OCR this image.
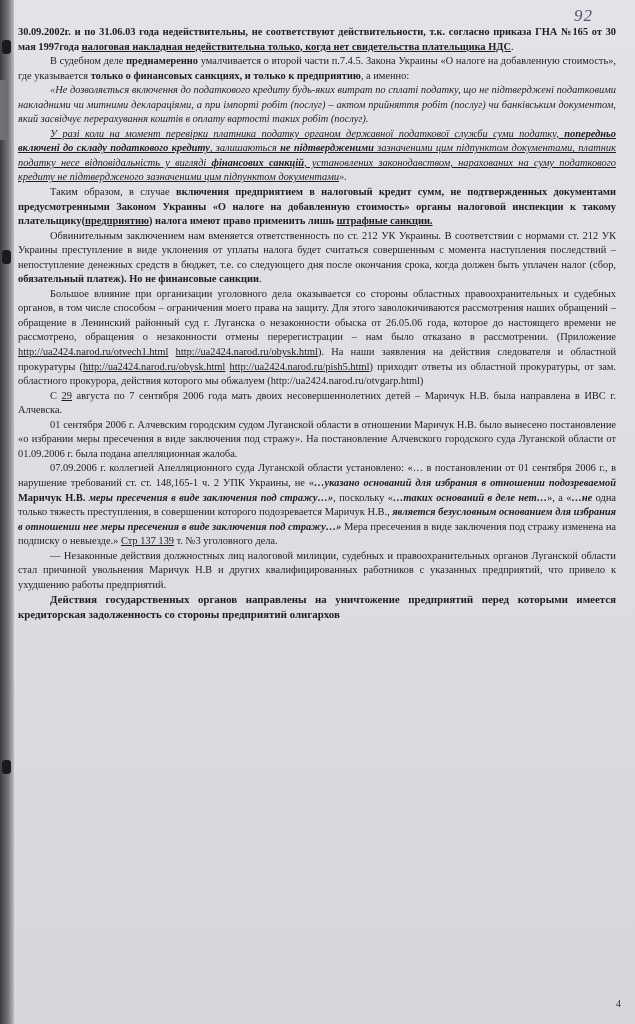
92

30.09.2002г. и по 31.06.03 года недействительны, не соответствуют действительности, т.к. согласно приказа ГНА №165 от 30 мая 1997года налоговая накладная недействительна только, когда нет свидетельства плательщика НДС.

В судебном деле преднамеренно умалчивается о второй части п.7.4.5. Закона Украины «О налоге на добавленную стоимость», где указывается только о финансовых санкциях, и только к предприятию, а именно:

«Не дозволяється включення до податкового кредиту будь-яких витрат по сплаті податку, що не підтверджені податковими накладними чи митними деклараціями, а при імпорті робіт (послуг) – актом прийняття робіт (послуг) чи банківським документом, який засвідчує перерахування коштів в оплату вартості таких робіт (послуг).

У разі коли на момент перевірки платника податку органом державної податкової служби суми податку, попередньо включені до складу податкового кредиту, залишаються не підтвердженими зазначеними цим підпунктом документами, платник податку несе відповідальність у вигляді фінансових санкцій, установлених законодавством, нарахованих на суму податкового кредиту не підтвердженого зазначеними цим підпунктом документами».

Таким образом, в случае включения предприятием в налоговый кредит сумм, не подтвержденных документами предусмотренными Законом Украины «О налоге на добавленную стоимость» органы налоговой инспекции к такому плательщику(предприятию) налога имеют право применить лишь штрафные санкции.

Обвинительным заключением нам вменяется ответственность по ст. 212 УК Украины. В соответствии с нормами ст. 212 УК Украины преступление в виде уклонения от уплаты налога будет считаться совершенным с момента наступления последствий – непоступление денежных средств в бюджет, т.е. со следующего дня после окончания срока, когда должен быть уплачен налог (сбор, обязательный платеж). Но не финансовые санкции.

Большое влияние при организации уголовного дела оказывается со стороны областных правоохранительных и судебных органов, в том числе способом – ограничения моего права на защиту. Для этого заволокичиваются рассмотрения наших обращений – обращение в Ленинский районный суд г. Луганска о незаконности обыска от 26.05.06 года, которое до настоящего времени не рассмотрено, обращения о незаконности отмены перерегистрации – нам было отказано в рассмотрении. (Приложение http://ua2424.narod.ru/otvech1.html http://ua2424.narod.ru/obysk.html). На наши заявления на действия следователя и областной прокуратуры (http://ua2424.narod.ru/obysk.html http://ua2424.narod.ru/pish5.html) приходят ответы из областной прокуратуры, от зам. областного прокурора, действия которого мы обжалуем (http://ua2424.narod.ru/otvgarp.html)

С 29 августа по 7 сентября 2006 года мать двоих несовершеннолетних детей – Маричук Н.В. была направлена в ИВС г. Алчевска.

01 сентября 2006 г. Алчевским городским судом Луганской области в отношении Маричук Н.В. было вынесено постановление «о избрании меры пресечения в виде заключения под стражу». На постановление Алчевского городского суда Луганской области от 01.09.2006 г. была подана апелляционная жалоба.

07.09.2006 г. коллегией Апелляционного суда Луганской области установлено: «… в постановлении от 01 сентября 2006 г., в нарушение требований ст. ст. 148,165-1 ч. 2 УПК Украины, не «…указано оснований для избрания в отношении подозреваемой Маричук Н.В. меры пресечения в виде заключения под стражу…», поскольку «…таких оснований в деле нет…», а «…не одна только тяжесть преступления, в совершении которого подозревается Маричук Н.В., является безусловным основанием для избрания в отношении нее меры пресечения в виде заключения под стражу…» Мера пресечения в виде заключения под стражу изменена на подписку о невыезде.» Стр 137 139 т. №3 уголовного дела.

— Незаконные действия должностных лиц налоговой милиции, судебных и правоохранительных органов Луганской области стал причиной увольнения Маричук Н.В и других квалифицированных работников с указанных предприятий, что привело к ухудшению работы предприятий.

Действия государственных органов направлены на уничтожение предприятий перед которыми имеется кредиторская задолженность со стороны предприятий олигархов

4
